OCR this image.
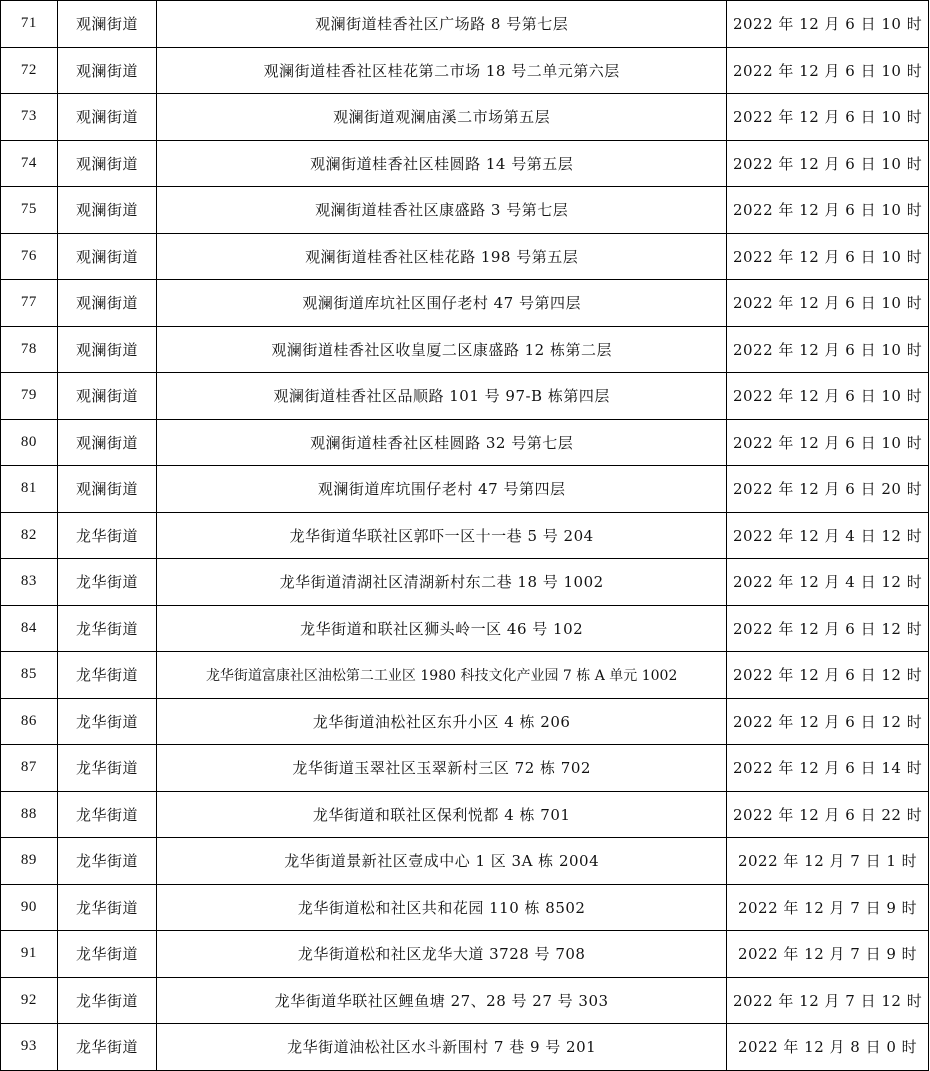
71	观澜街道	观澜街道桂香社区广场路 8 号第七层	2022 年 12 月 6 日 10 时
72	观澜街道	观澜街道桂香社区桂花第二市场 18 号二单元第六层	2022 年 12 月 6 日 10 时
73	观澜街道	观澜街道观澜庙溪二市场第五层	2022 年 12 月 6 日 10 时
74	观澜街道	观澜街道桂香社区桂圆路 14 号第五层	2022 年 12 月 6 日 10 时
75	观澜街道	观澜街道桂香社区康盛路 3 号第七层	2022 年 12 月 6 日 10 时
76	观澜街道	观澜街道桂香社区桂花路 198 号第五层	2022 年 12 月 6 日 10 时
77	观澜街道	观澜街道库坑社区围仔老村 47 号第四层	2022 年 12 月 6 日 10 时
78	观澜街道	观澜街道桂香社区收皇厦二区康盛路 12 栋第二层	2022 年 12 月 6 日 10 时
79	观澜街道	观澜街道桂香社区品顺路 101 号 97-B 栋第四层	2022 年 12 月 6 日 10 时
80	观澜街道	观澜街道桂香社区桂圆路 32 号第七层	2022 年 12 月 6 日 10 时
81	观澜街道	观澜街道库坑围仔老村 47 号第四层	2022 年 12 月 6 日 20 时
82	龙华街道	龙华街道华联社区郭吓一区十一巷 5 号 204	2022 年 12 月 4 日 12 时
83	龙华街道	龙华街道清湖社区清湖新村东二巷 18 号 1002	2022 年 12 月 4 日 12 时
84	龙华街道	龙华街道和联社区狮头岭一区 46 号 102	2022 年 12 月 6 日 12 时
85	龙华街道	龙华街道富康社区油松第二工业区 1980 科技文化产业园 7 栋 A 单元 1002	2022 年 12 月 6 日 12 时
86	龙华街道	龙华街道油松社区东升小区 4 栋 206	2022 年 12 月 6 日 12 时
87	龙华街道	龙华街道玉翠社区玉翠新村三区 72 栋 702	2022 年 12 月 6 日 14 时
88	龙华街道	龙华街道和联社区保利悦都 4 栋 701	2022 年 12 月 6 日 22 时
89	龙华街道	龙华街道景新社区壹成中心 1 区 3A 栋 2004	2022 年 12 月 7 日 1 时
90	龙华街道	龙华街道松和社区共和花园 110 栋 8502	2022 年 12 月 7 日 9 时
91	龙华街道	龙华街道松和社区龙华大道 3728 号 708	2022 年 12 月 7 日 9 时
92	龙华街道	龙华街道华联社区鲤鱼塘 27、28 号 27 号 303	2022 年 12 月 7 日 12 时
93	龙华街道	龙华街道油松社区水斗新围村 7 巷 9 号 201	2022 年 12 月 8 日 0 时
